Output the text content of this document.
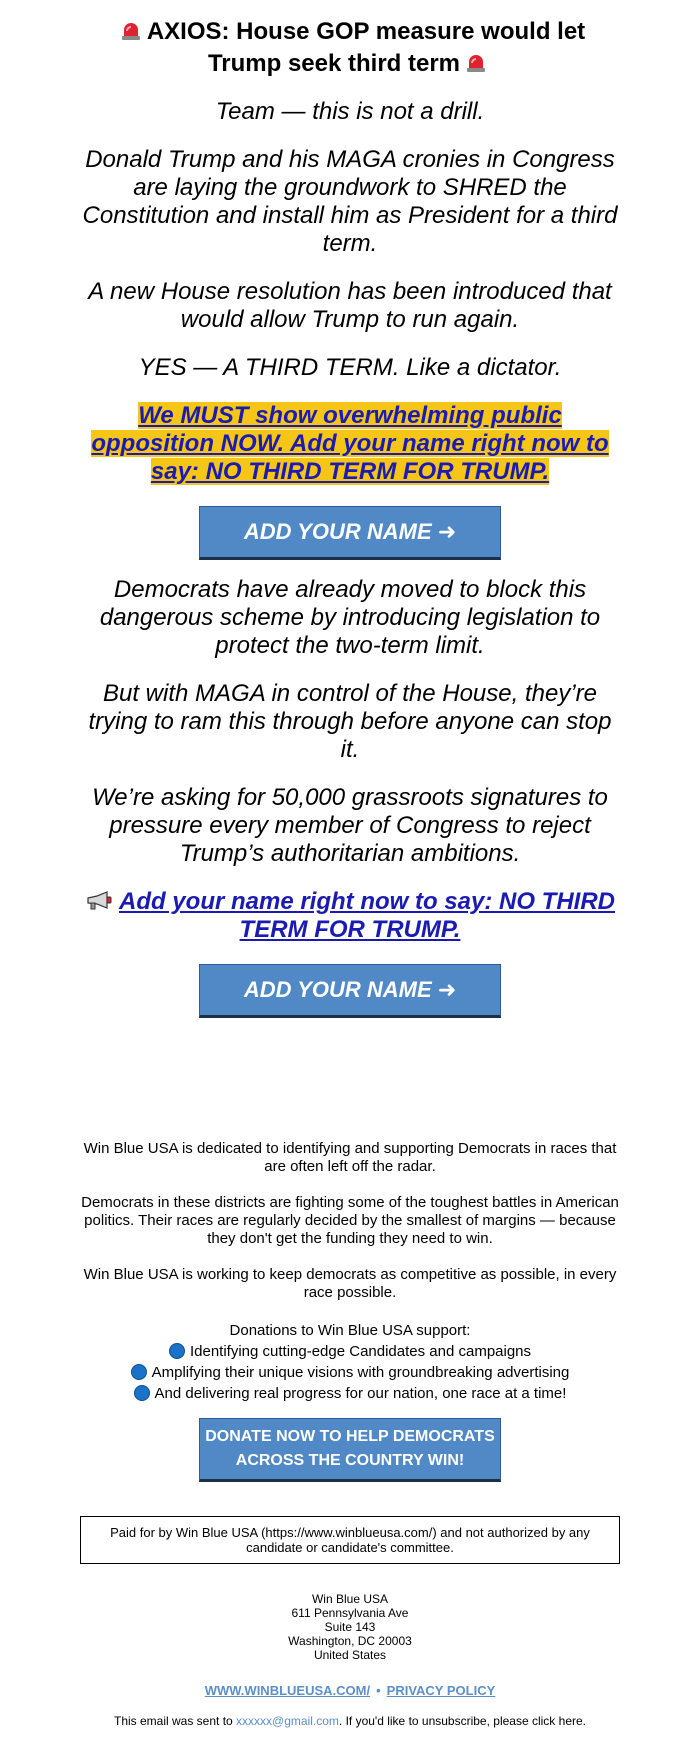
AXIOS: House GOP measure would let Trump seek third term

Team — this is not a drill.

Donald Trump and his MAGA cronies in Congress are laying the groundwork to SHRED the Constitution and install him as President for a third term.

A new House resolution has been introduced that would allow Trump to run again.

YES — A THIRD TERM. Like a dictator.

We MUST show overwhelming public opposition NOW. Add your name right now to say: NO THIRD TERM FOR TRUMP.
ADD YOUR NAME ➜

Democrats have already moved to block this dangerous scheme by introducing legislation to protect the two-term limit.

But with MAGA in control of the House, they’re trying to ram this through before anyone can stop it.

We’re asking for 50,000 grassroots signatures to pressure every member of Congress to reject Trump’s authoritarian ambitions.

Add your name right now to say: NO THIRD TERM FOR TRUMP.
ADD YOUR NAME ➜

Win Blue USA is dedicated to identifying and supporting Democrats in races that are often left off the radar.

Democrats in these districts are fighting some of the toughest battles in American politics. Their races are regularly decided by the smallest of margins — because they don't get the funding they need to win.

Win Blue USA is working to keep democrats as competitive as possible, in every race possible.

Donations to Win Blue USA support:
Identifying cutting-edge Candidates and campaigns
Amplifying their unique visions with groundbreaking advertising
And delivering real progress for our nation, one race at a time!
DONATE NOW TO HELP DEMOCRATS
ACROSS THE COUNTRY WIN!
Paid for by Win Blue USA (https://www.winblueusa.com/) and not authorized by any candidate or candidate's committee.
Win Blue USA
611 Pennsylvania Ave
Suite 143
Washington, DC 20003
United States
WWW.WINBLUEUSA.COM/ • PRIVACY POLICY
This email was sent to xxxxxx@gmail.com. If you'd like to unsubscribe, please click here.
